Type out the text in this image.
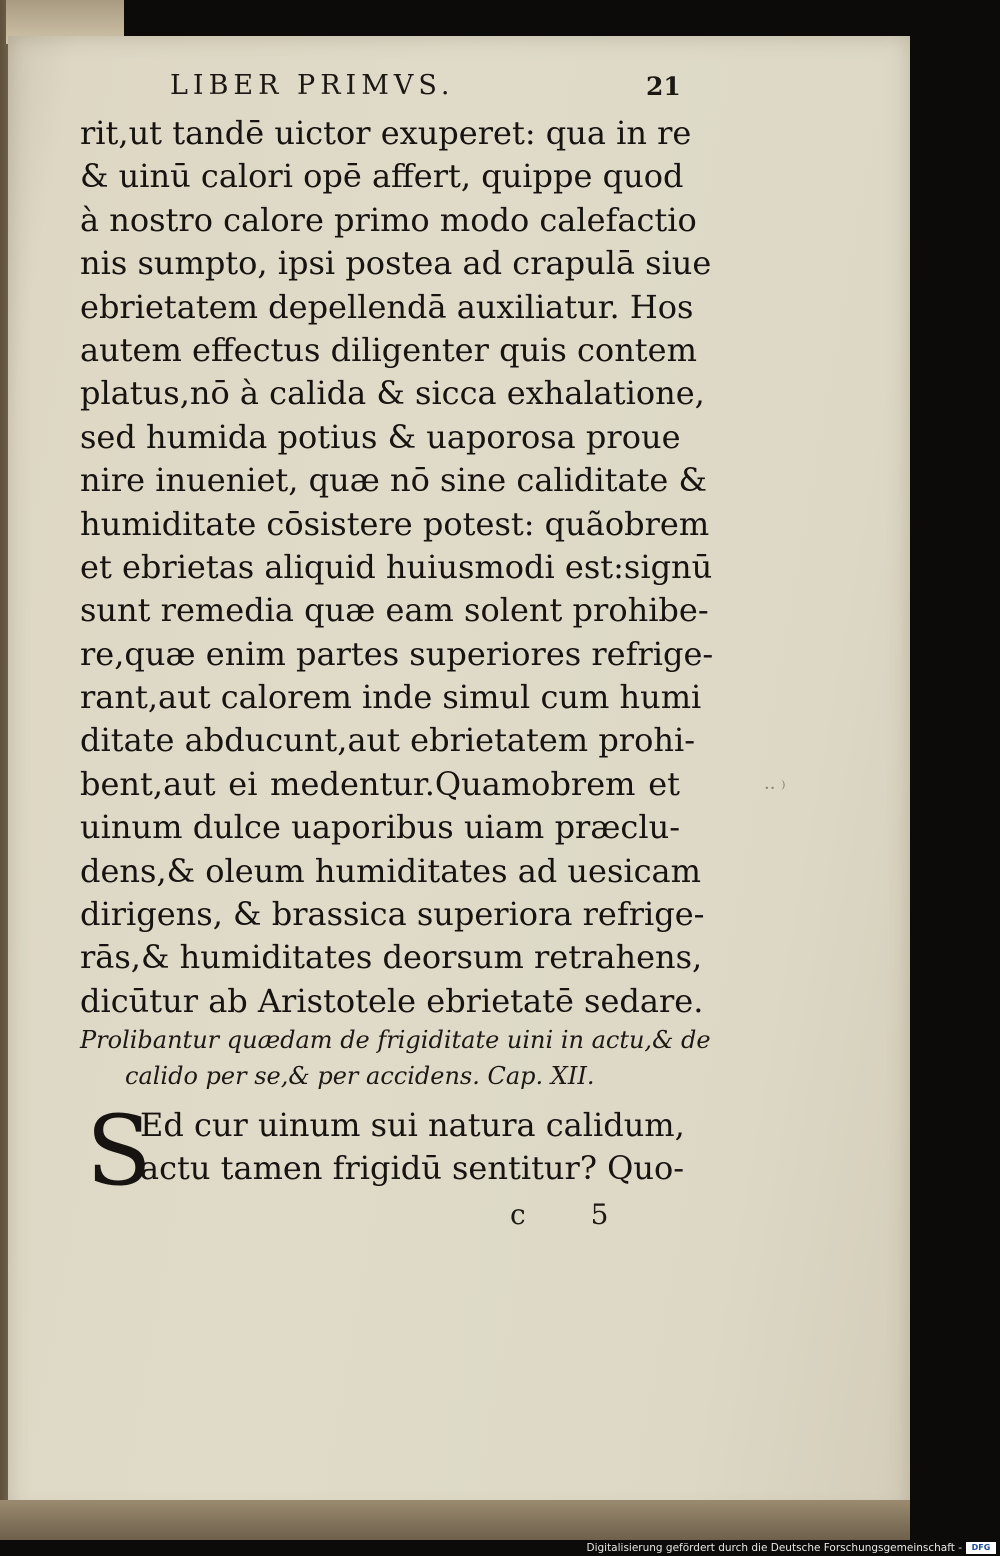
LIBER PRIMVS.	21
rit,ut tandē uictor exuperet: qua in re
& uinū calori opē affert, quippe quod
à nostro calore primo modo calefactio
nis sumpto, ipsi postea ad crapulā siue
ebrietatem depellendā auxiliatur. Hos
autem effectus diligenter quis contem
platus,nō à calida & sicca exhalatione,
sed humida potius & uaporosa proue
nire inueniet, quæ nō sine caliditate &
humiditate cōsistere potest: quãobrem
et ebrietas aliquid huiusmodi est:signū
sunt remedia quæ eam solent prohibe-
re,quæ enim partes superiores refrige-
rant,aut calorem inde simul cum humi
ditate abducunt,aut ebrietatem prohi-
bent,aut ei medentur.Quamobrem et
uinum dulce uaporibus uiam præclu-
dens,& oleum humiditates ad uesicam
dirigens, & brassica superiora refrige-
rās,& humiditates deorsum retrahens,
dicūtur ab Aristotele ebrietatē sedare.
Prolibantur quædam de frigiditate uini in actu,& de
calido per se,& per accidens. Cap. XII.
S
Ed cur uinum sui natura calidum,
actu tamen frigidū sentitur? Quo-
c 5
·· ⁾
Digitalisierung gefördert durch die Deutsche Forschungsgemeinschaft -	DFG
